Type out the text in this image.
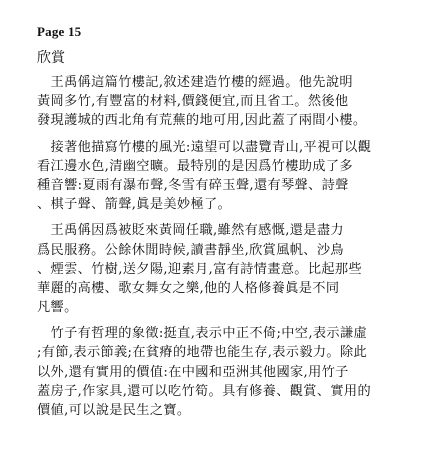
Page 15
欣賞
　王禹偁這篇竹樓記,敘述建造竹樓的經過。他先說明
黃岡多竹,有豐富的材料,價錢便宜,而且省工。然後他
發現護城的西北角有荒蕪的地可用,因此蓋了兩間小樓。
　接著他描寫竹樓的風光:遠望可以盡覽青山,平視可以觀
看江邊水色,清幽空曠。最特別的是因爲竹樓助成了多
種音響:夏雨有瀑布聲,冬雪有碎玉聲,還有琴聲、詩聲
、棋子聲、箭聲,眞是美妙極了。
　王禹偁因爲被貶來黃岡任職,雖然有感慨,還是盡力
爲民服務。公餘休閒時候,讀書靜坐,欣賞風帆、沙鳥
、煙雲、竹樹,送夕陽,迎素月,富有詩情畫意。比起那些
華麗的高樓、歌女舞女之樂,他的人格修養眞是不同
凡響。
　竹子有哲理的象徵:挺直,表示中正不倚;中空,表示謙虛
;有節,表示節義;在貧瘠的地帶也能生存,表示毅力。除此
以外,還有實用的價值:在中國和亞洲其他國家,用竹子
蓋房子,作家具,還可以吃竹筍。具有修養、觀賞、實用的
價値,可以說是民生之寶。
